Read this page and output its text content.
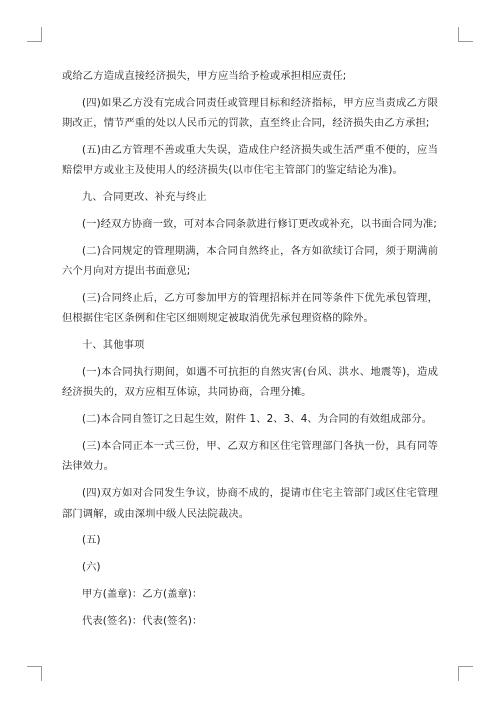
或给乙方造成直接经济损失，甲方应当给予检或承担相应责任;

(四)如果乙方没有完成合同责任或管理目标和经济指标，甲方应当责成乙方限期改正，情节严重的处以人民币元的罚款，直至终止合同，经济损失由乙方承担;

(五)由乙方管理不善或重大失误，造成住户经济损失或生活严重不便的，应当赔偿甲方或业主及使用人的经济损失(以市住宅主管部门的鉴定结论为准)。

九、合同更改、补充与终止

(一)经双方协商一致，可对本合同条款进行修订更改或补充，以书面合同为准;

(二)合同规定的管理期满，本合同自然终止，各方如欲续订合同，须于期满前六个月向对方提出书面意见;

(三)合同终止后，乙方可参加甲方的管理招标并在同等条件下优先承包管理，但根据住宅区条例和住宅区细则规定被取消优先承包理资格的除外。

十、其他事项

(一)本合同执行期间，如遇不可抗拒的自然灾害(台风、洪水、地震等)，造成经济损失的，双方应相互体谅，共同协商，合理分摊。

(二)本合同自签订之日起生效，附件 1、2、3、4、为合同的有效组成部分。

(三)本合同正本一式三份，甲、乙双方和区住宅管理部门各执一份，具有同等法律效力。

(四)双方如对合同发生争议，协商不成的，提请市住宅主管部门或区住宅管理部门调解，或由深圳中级人民法院裁决。

(五)

(六)

甲方(盖章)：乙方(盖章)：

代表(签名)：代表(签名)：
